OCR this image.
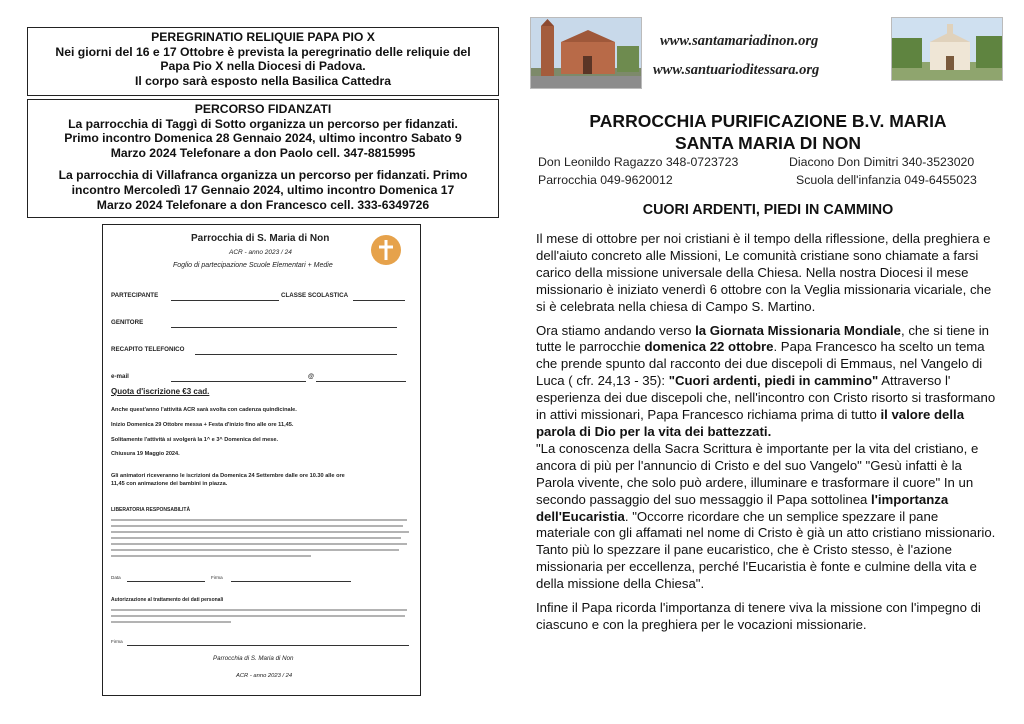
PEREGRINATIO RELIQUIE PAPA PIO X

Nei giorni del 16 e 17 Ottobre è prevista la peregrinatio delle reliquie del

Papa Pio X nella Diocesi di Padova.

Il corpo sarà esposto nella Basilica Cattedra

PERCORSO FIDANZATI

La parrocchia di Taggì di Sotto organizza un percorso per fidanzati.

Primo incontro Domenica 28 Gennaio 2024, ultimo incontro Sabato 9

Marzo 2024 Telefonare a don Paolo cell. 347-8815995

La parrocchia di Villafranca organizza un percorso per fidanzati. Primo

incontro Mercoledì 17 Gennaio 2024, ultimo incontro Domenica 17

Marzo 2024 Telefonare a don Francesco cell. 333-6349726

Parrocchia di S. Maria di Non
ACR - anno 2023 / 24
Foglio di partecipazione Scuole Elementari + Medie
PARTECIPANTE	CLASSE SCOLASTICA
GENITORE
RECAPITO TELEFONICO
e-mail	@
Quota d'iscrizione €3 cad.
Anche quest'anno l'attività ACR sarà svolta con cadenza quindicinale.
Inizio Domenica 29 Ottobre messa + Festa d'inizio fino alle ore 11,45.
Solitamente l'attività si svolgerà la 1^ e 3^ Domenica del mese.
Chiusura 19 Maggio 2024.
Gli animatori riceveranno le iscrizioni da Domenica 24 Settembre dalle ore 10.30 alle ore
11,45 con animazione dei bambini in piazza.
LIBERATORIA RESPONSABILITÀ
Data	Firma
Autorizzazione al trattamento dei dati personali
Firma
Parrocchia di S. Maria di Non
ACR - anno 2023 / 24
www.santamariadinon.org
www.santuarioditessara.org
PARROCCHIA PURIFICAZIONE B.V. MARIA
SANTA MARIA DI NON
Don Leonildo Ragazzo 348-0723723	Diacono Don Dimitri 340-3523020
Parrocchia 049-9620012	Scuola dell'infanzia 049-6455023
CUORI ARDENTI, PIEDI IN CAMMINO

Il mese di ottobre per noi cristiani è il tempo della riflessione, della preghiera e dell'aiuto concreto alle Missioni, Le comunità cristiane sono chiamate a farsi carico della missione universale della Chiesa. Nella nostra Diocesi il mese missionario è iniziato venerdì 6 ottobre con la Veglia missionaria vicariale, che si è celebrata nella chiesa di Campo S. Martino.

Ora stiamo andando verso la Giornata Missionaria Mondiale, che si tiene in tutte le parrocchie domenica 22 ottobre. Papa Francesco ha scelto un tema che prende spunto dal racconto dei due discepoli di Emmaus, nel Vangelo di Luca ( cfr. 24,13 - 35): "Cuori ardenti, piedi in cammino" Attraverso l' esperienza dei due discepoli che, nell'incontro con Cristo risorto si trasformano in attivi missionari, Papa Francesco richiama prima di tutto il valore della parola di Dio per la vita dei battezzati.

"La conoscenza della Sacra Scrittura è importante per la vita del cristiano, e ancora di più per l'annuncio di Cristo e del suo Vangelo" "Gesù infatti è la Parola vivente, che solo può ardere, illuminare e trasformare il cuore" In un secondo passaggio del suo messaggio il Papa sottolinea l'importanza dell'Eucaristia. "Occorre ricordare che un semplice spezzare il pane materiale con gli affamati nel nome di Cristo è già un atto cristiano missionario. Tanto più lo spezzare il pane eucaristico, che è Cristo stesso, è l'azione missionaria per eccellenza, perché l'Eucaristia è fonte e culmine della vita e della missione della Chiesa".

Infine il Papa ricorda l'importanza di tenere viva la missione con l'impegno di ciascuno e con la preghiera per le vocazioni missionarie.
